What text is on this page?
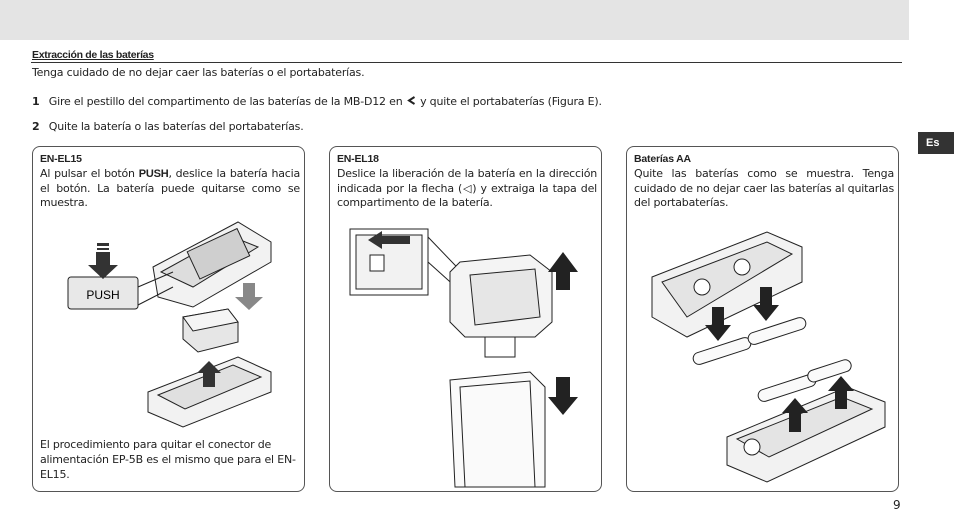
Extracción de las baterías
Tenga cuidado de no dejar caer las baterías o el portabaterías.
1 Gire el pestillo del compartimento de las baterías de la MB-D12 en  y quite el portabaterías (Figura E).
2 Quite la batería o las baterías del portabaterías.
Es
EN-EL15
Al pulsar el botón PUSH, deslice la batería hacia el botón. La batería puede quitarse como se muestra.
PUSH
El procedimiento para quitar el conector de alimentación EP-5B es el mismo que para el EN-EL15.
EN-EL18
Deslice la liberación de la batería en la dirección indicada por la flecha (◁) y extraiga la tapa del compartimento de la batería.
Baterías AA
Quite las baterías como se muestra. Tenga cuidado de no dejar caer las baterías al quitarlas del portabaterías.
9
